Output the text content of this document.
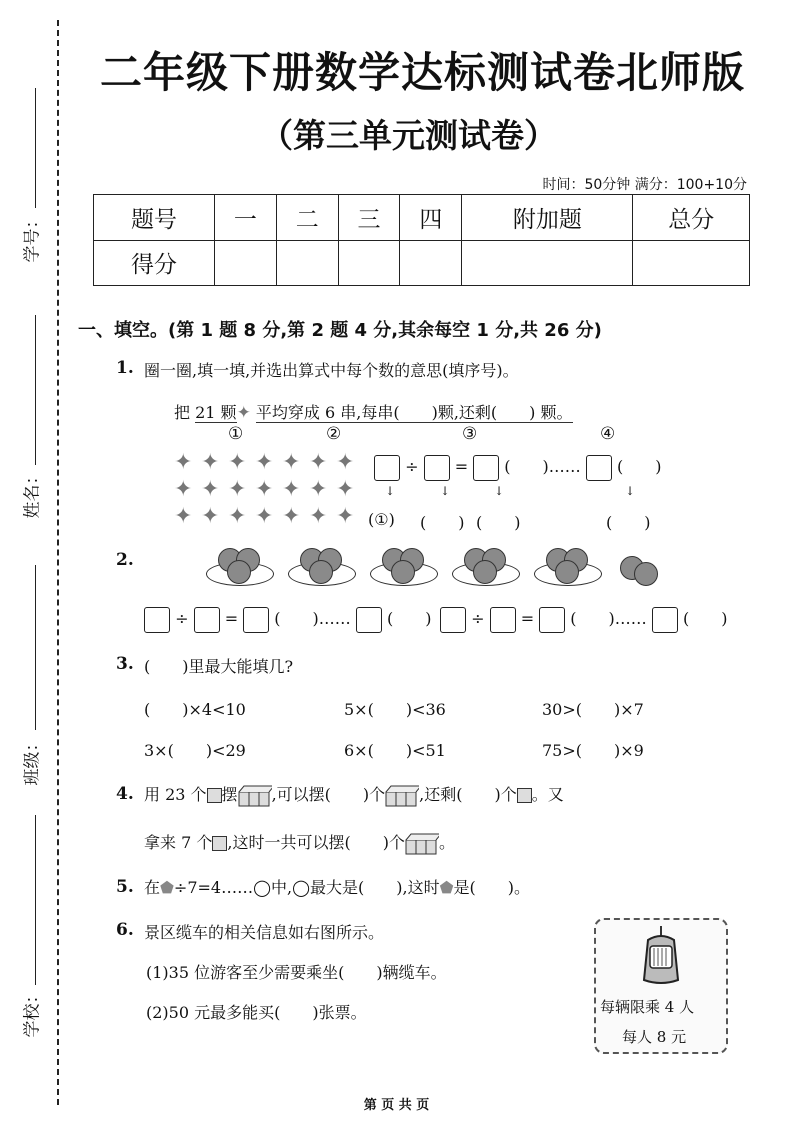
学号：
姓名：
班级：
学校：
二年级下册数学达标测试卷北师版
（第三单元测试卷）
时间：50分钟 满分：100+10分
题号	一	二	三	四	附加题	总分
得分						
一、填空。(第 1 题 8 分,第 2 题 4 分,其余每空 1 分,共 26 分)
1. 圈一圈,填一填,并选出算式中每个数的意思(填序号)。
把 21 颗✦ 平均穿成 6 串,每串(　　)颗,还剩(　　) 颗。
①	②	③	④
✦ ✦ ✦ ✦ ✦ ✦ ✦
✦ ✦ ✦ ✦ ✦ ✦ ✦
✦ ✦ ✦ ✦ ✦ ✦ ✦
÷ = (　　)…… (　　)
↓	↓	↓	↓
(①) (　　) (　　)	(　　)
2.
÷ = (　　)…… (　　)	÷ = (　　)…… (　　)
3. (　　)里最大能填几?
(　　)×4<10	5×(　　)<36	30>(　　)×7
3×(　　)<29	6×(　　)<51	75>(　　)×9
4. 用 23 个 摆 ,可以摆(　　)个 ,还剩(　　)个 。又
拿来 7 个 ,这时一共可以摆(　　)个 。
5. 在⬟÷7=4……◯中,◯最大是(　　),这时⬟是(　　)。
6. 景区缆车的相关信息如右图所示。
(1)35 位游客至少需要乘坐(　　)辆缆车。
(2)50 元最多能买(　　)张票。	每辆限乘 4 人
每人 8 元
第 页 共 页
